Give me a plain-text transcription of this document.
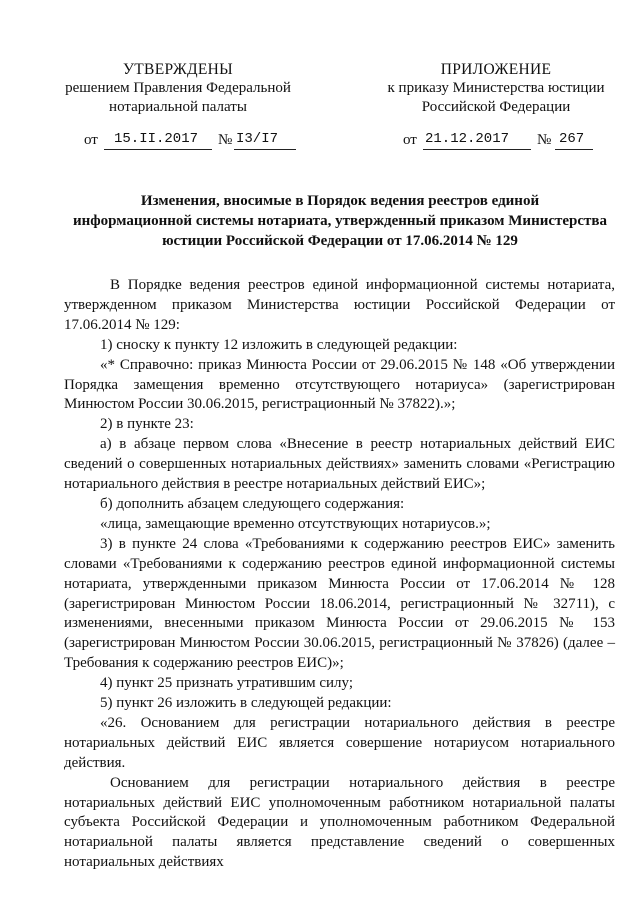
УТВЕРЖДЕНЫ
решением Правления Федеральной
нотариальной палаты
ПРИЛОЖЕНИЕ
к приказу Министерства юстиции
Российской Федерации
от 15.II.2017 № I3/I7	от 21.12.2017 № 267
Изменения, вносимые в Порядок ведения реестров единой
информационной системы нотариата, утвержденный приказом Министерства
юстиции Российской Федерации от 17.06.2014 № 129

В Порядке ведения реестров единой информационной системы нотариата, утвержденном приказом Министерства юстиции Российской Федерации от 17.06.2014 № 129:

1) сноску к пункту 12 изложить в следующей редакции:

«* Справочно: приказ Минюста России от 29.06.2015 № 148 «Об утверждении Порядка замещения временно отсутствующего нотариуса» (зарегистрирован Минюстом России 30.06.2015, регистрационный № 37822).»;

2) в пункте 23:

а) в абзаце первом слова «Внесение в реестр нотариальных действий ЕИС сведений о совершенных нотариальных действиях» заменить словами «Регистрацию нотариального действия в реестре нотариальных действий ЕИС»;

б) дополнить абзацем следующего содержания:

«лица, замещающие временно отсутствующих нотариусов.»;

3) в пункте 24 слова «Требованиями к содержанию реестров ЕИС» заменить словами «Требованиями к содержанию реестров единой информационной системы нотариата, утвержденными приказом Минюста России от 17.06.2014 № 128 (зарегистрирован Минюстом России 18.06.2014, регистрационный № 32711), с изменениями, внесенными приказом Минюста России от 29.06.2015 № 153 (зарегистрирован Минюстом России 30.06.2015, регистрационный № 37826) (далее – Требования к содержанию реестров ЕИС)»;

4) пункт 25 признать утратившим силу;

5) пункт 26 изложить в следующей редакции:

«26. Основанием для регистрации нотариального действия в реестре нотариальных действий ЕИС является совершение нотариусом нотариального действия.

Основанием для регистрации нотариального действия в реестре нотариальных действий ЕИС уполномоченным работником нотариальной палаты субъекта Российской Федерации и уполномоченным работником Федеральной нотариальной палаты является представление сведений о совершенных нотариальных действиях
